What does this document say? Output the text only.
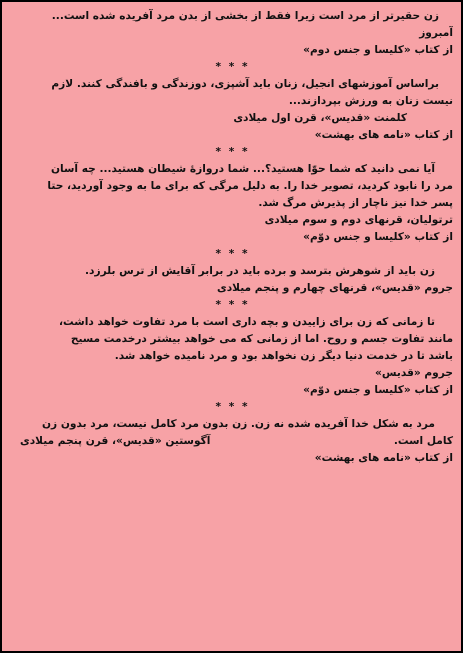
زن حقیرتر از مرد است زیرا فقط از بخشی از بدن مرد آفریده شده است...
آمبروز
از کتاب «کلیسا و جنس دوم»
* * *
براساس آموزشهای انجیل، زنان باید آشپزی، دوزندگی و بافندگی کنند. لازم
نیست زنان به ورزش بپردازند...
کلمنت «قدیس»، قرن اول میلادی
از کتاب «نامه های بهشت»
* * *
آیا نمی دانید که شما حوّا هستید؟... شما دروازۀ شیطان هستید... چه آسان
مرد را نابود کردید، تصویر خدا را. به دلیل مرگی که برای ما به وجود آوردید، حتا
پسر خدا نیز ناچار از پذیرش مرگ شد.
ترتولیان، قرنهای دوم و سوم میلادی
از کتاب «کلیسا و جنس دوّم»
* * *
زن باید از شوهرش بترسد و برده باید در برابر آقایش از ترس بلرزد.
جروم «قدیس»، قرنهای چهارم و پنجم میلادی
* * *
تا زمانی که زن برای زاییدن و بچه داری است با مرد تفاوت خواهد داشت،
مانند تفاوت جسم و روح. اما از زمانی که می خواهد بیشتر درخدمت مسیح
باشد تا در خدمت دنیا دیگر زن نخواهد بود و مرد نامیده خواهد شد.
جروم «قدیس»
از کتاب «کلیسا و جنس دوّم»
* * *
مرد به شکل خدا آفریده شده نه زن. زن بدون مرد کامل نیست، مرد بدون زن
کامل است.
آگوستین «قدیس»، قرن پنجم میلادی
از کتاب «نامه های بهشت»
